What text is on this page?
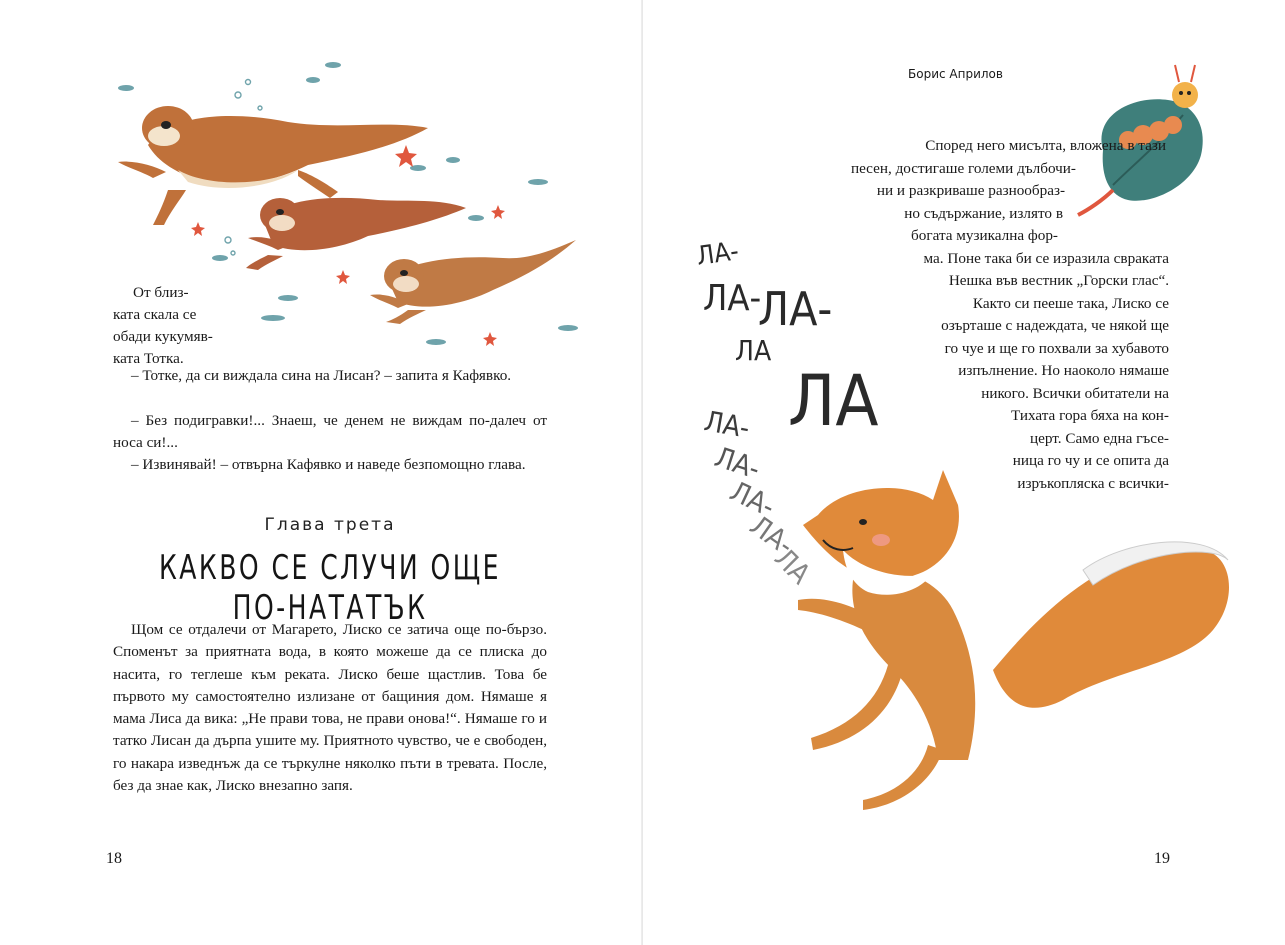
От близ-

ката скала се

обади кукумяв-

ката Тотка.

– Тотке, да си виждала сина на Лисан? – запита я Кафявко.

– Без подигравки!... Знаеш, че денем не виждам по-далеч от носа си!...

– Извинявай! – отвърна Кафявко и наведе безпомощно глава.

Глава трета
КАКВО СЕ СЛУЧИ ОЩЕ ПО-НАТАТЪК

Щом се отдалечи от Магарето, Лиско се затича още по-бързо. Споменът за приятната вода, в която можеше да се плиска до насита, го теглеше към реката. Лиско беше щастлив. Това бе първото му самостоятелно излизане от бащиния дом. Нямаше я мама Лиса да вика: „Не прави това, не прави онова!“. Нямаше го и татко Лисан да дърпа ушите му. Приятното чувство, че е свободен, го накара изведнъж да се търкулне няколко пъти в тревата. После, без да знае как, Лиско внезапно запя.

18
Борис Априлов
Според него мисълта, вложена в тази
песен, достигаше големи дълбочи-
ни и разкриваше разнообраз-
но съдържание, излято в
богата музикална фор-
ма. Поне така би се изразила свраката
Нешка във вестник „Горски глас“.
Както си пееше така, Лиско се
озърташе с надеждата, че някой ще
го чуе и ще го похвали за хубавото
изпълнение. Но наоколо нямаше
никого. Всички обитатели на
Тихата гора бяха на кон-
церт. Само една гъсе-
ница го чу и се опита да
изръкопляска с всички-
ЛА-
ЛА-
ЛА-
ЛА
ЛА
ЛА-
ЛА-
ЛА-
ЛА-
ЛА
19
